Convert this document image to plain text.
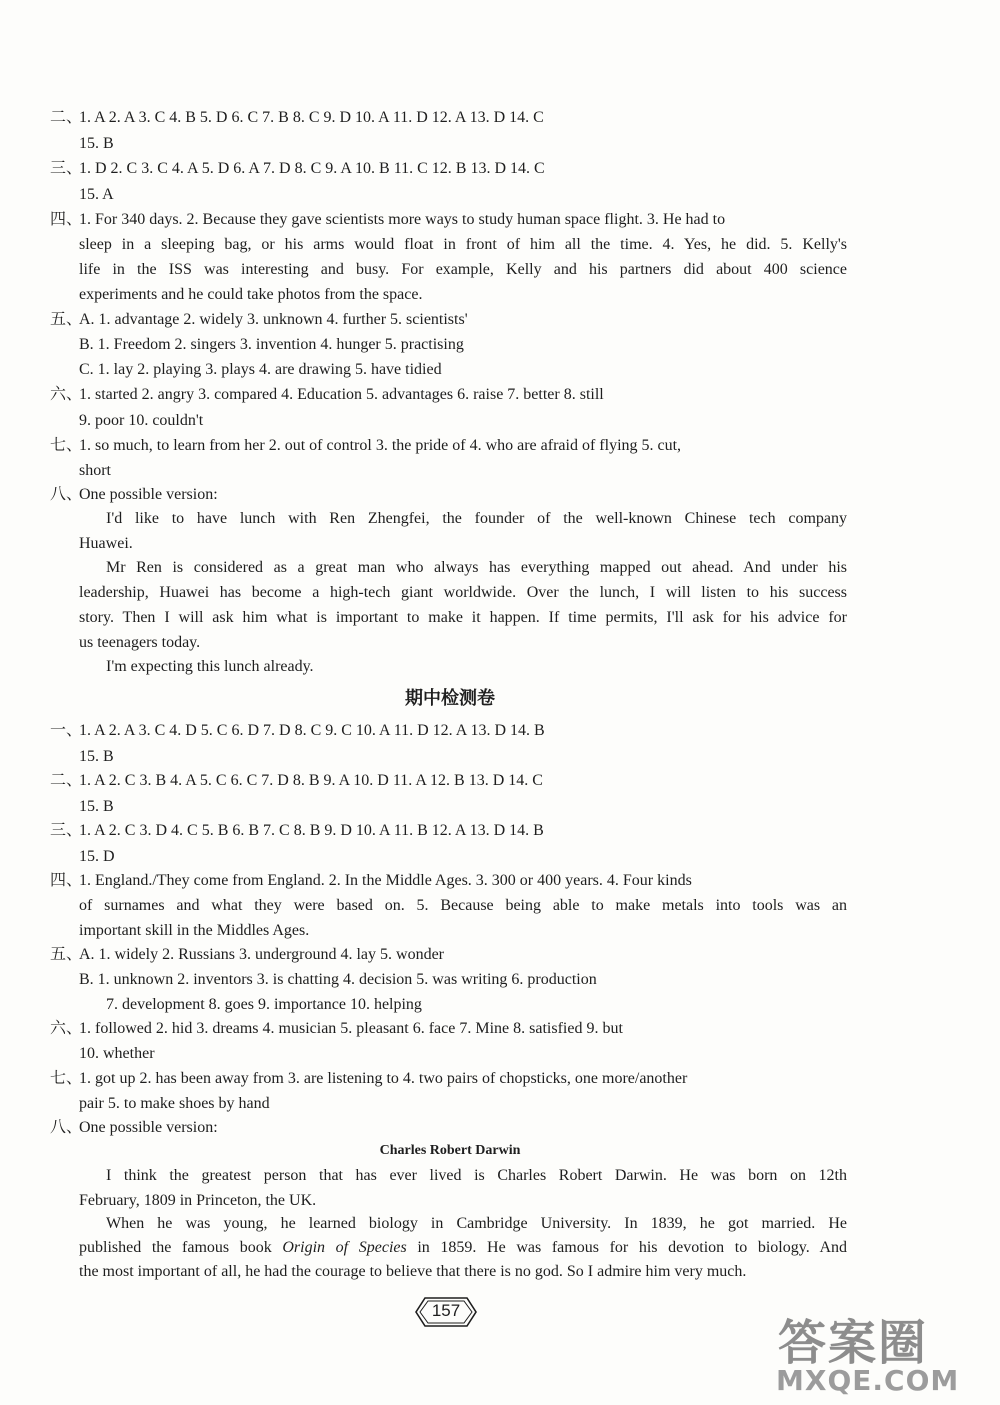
二、1. A 2. A 3. C 4. B 5. D 6. C 7. B 8. C 9. D 10. A 11. D 12. A 13. D 14. C
15. B
三、1. D 2. C 3. C 4. A 5. D 6. A 7. D 8. C 9. A 10. B 11. C 12. B 13. D 14. C
15. A
四、1. For 340 days. 2. Because they gave scientists more ways to study human space flight. 3. He had to
sleep in a sleeping bag, or his arms would float in front of him all the time. 4. Yes, he did. 5. Kelly's
life in the ISS was interesting and busy. For example, Kelly and his partners did about 400 science
experiments and he could take photos from the space.
五、A. 1. advantage 2. widely 3. unknown 4. further 5. scientists'
B. 1. Freedom 2. singers 3. invention 4. hunger 5. practising
C. 1. lay 2. playing 3. plays 4. are drawing 5. have tidied
六、1. started 2. angry 3. compared 4. Education 5. advantages 6. raise 7. better 8. still
9. poor 10. couldn't
七、1. so much, to learn from her 2. out of control 3. the pride of 4. who are afraid of flying 5. cut,
short
八、One possible version:
I'd like to have lunch with Ren Zhengfei, the founder of the well-known Chinese tech company
Huawei.
Mr Ren is considered as a great man who always has everything mapped out ahead. And under his
leadership, Huawei has become a high-tech giant worldwide. Over the lunch, I will listen to his success
story. Then I will ask him what is important to make it happen. If time permits, I'll ask for his advice for
us teenagers today.
I'm expecting this lunch already.
期中检测卷
一、1. A 2. A 3. C 4. D 5. C 6. D 7. D 8. C 9. C 10. A 11. D 12. A 13. D 14. B
15. B
二、1. A 2. C 3. B 4. A 5. C 6. C 7. D 8. B 9. A 10. D 11. A 12. B 13. D 14. C
15. B
三、1. A 2. C 3. D 4. C 5. B 6. B 7. C 8. B 9. D 10. A 11. B 12. A 13. D 14. B
15. D
四、1. England./They come from England. 2. In the Middle Ages. 3. 300 or 400 years. 4. Four kinds
of surnames and what they were based on. 5. Because being able to make metals into tools was an
important skill in the Middles Ages.
五、A. 1. widely 2. Russians 3. underground 4. lay 5. wonder
B. 1. unknown 2. inventors 3. is chatting 4. decision 5. was writing 6. production
7. development 8. goes 9. importance 10. helping
六、1. followed 2. hid 3. dreams 4. musician 5. pleasant 6. face 7. Mine 8. satisfied 9. but
10. whether
七、1. got up 2. has been away from 3. are listening to 4. two pairs of chopsticks, one more/another
pair 5. to make shoes by hand
八、One possible version:
Charles Robert Darwin
I think the greatest person that has ever lived is Charles Robert Darwin. He was born on 12th
February, 1809 in Princeton, the UK.
When he was young, he learned biology in Cambridge University. In 1839, he got married. He
published the famous book Origin of Species in 1859. He was famous for his devotion to biology. And
the most important of all, he had the courage to believe that there is no god. So I admire him very much.
157
答案圈
MXQE.COM
